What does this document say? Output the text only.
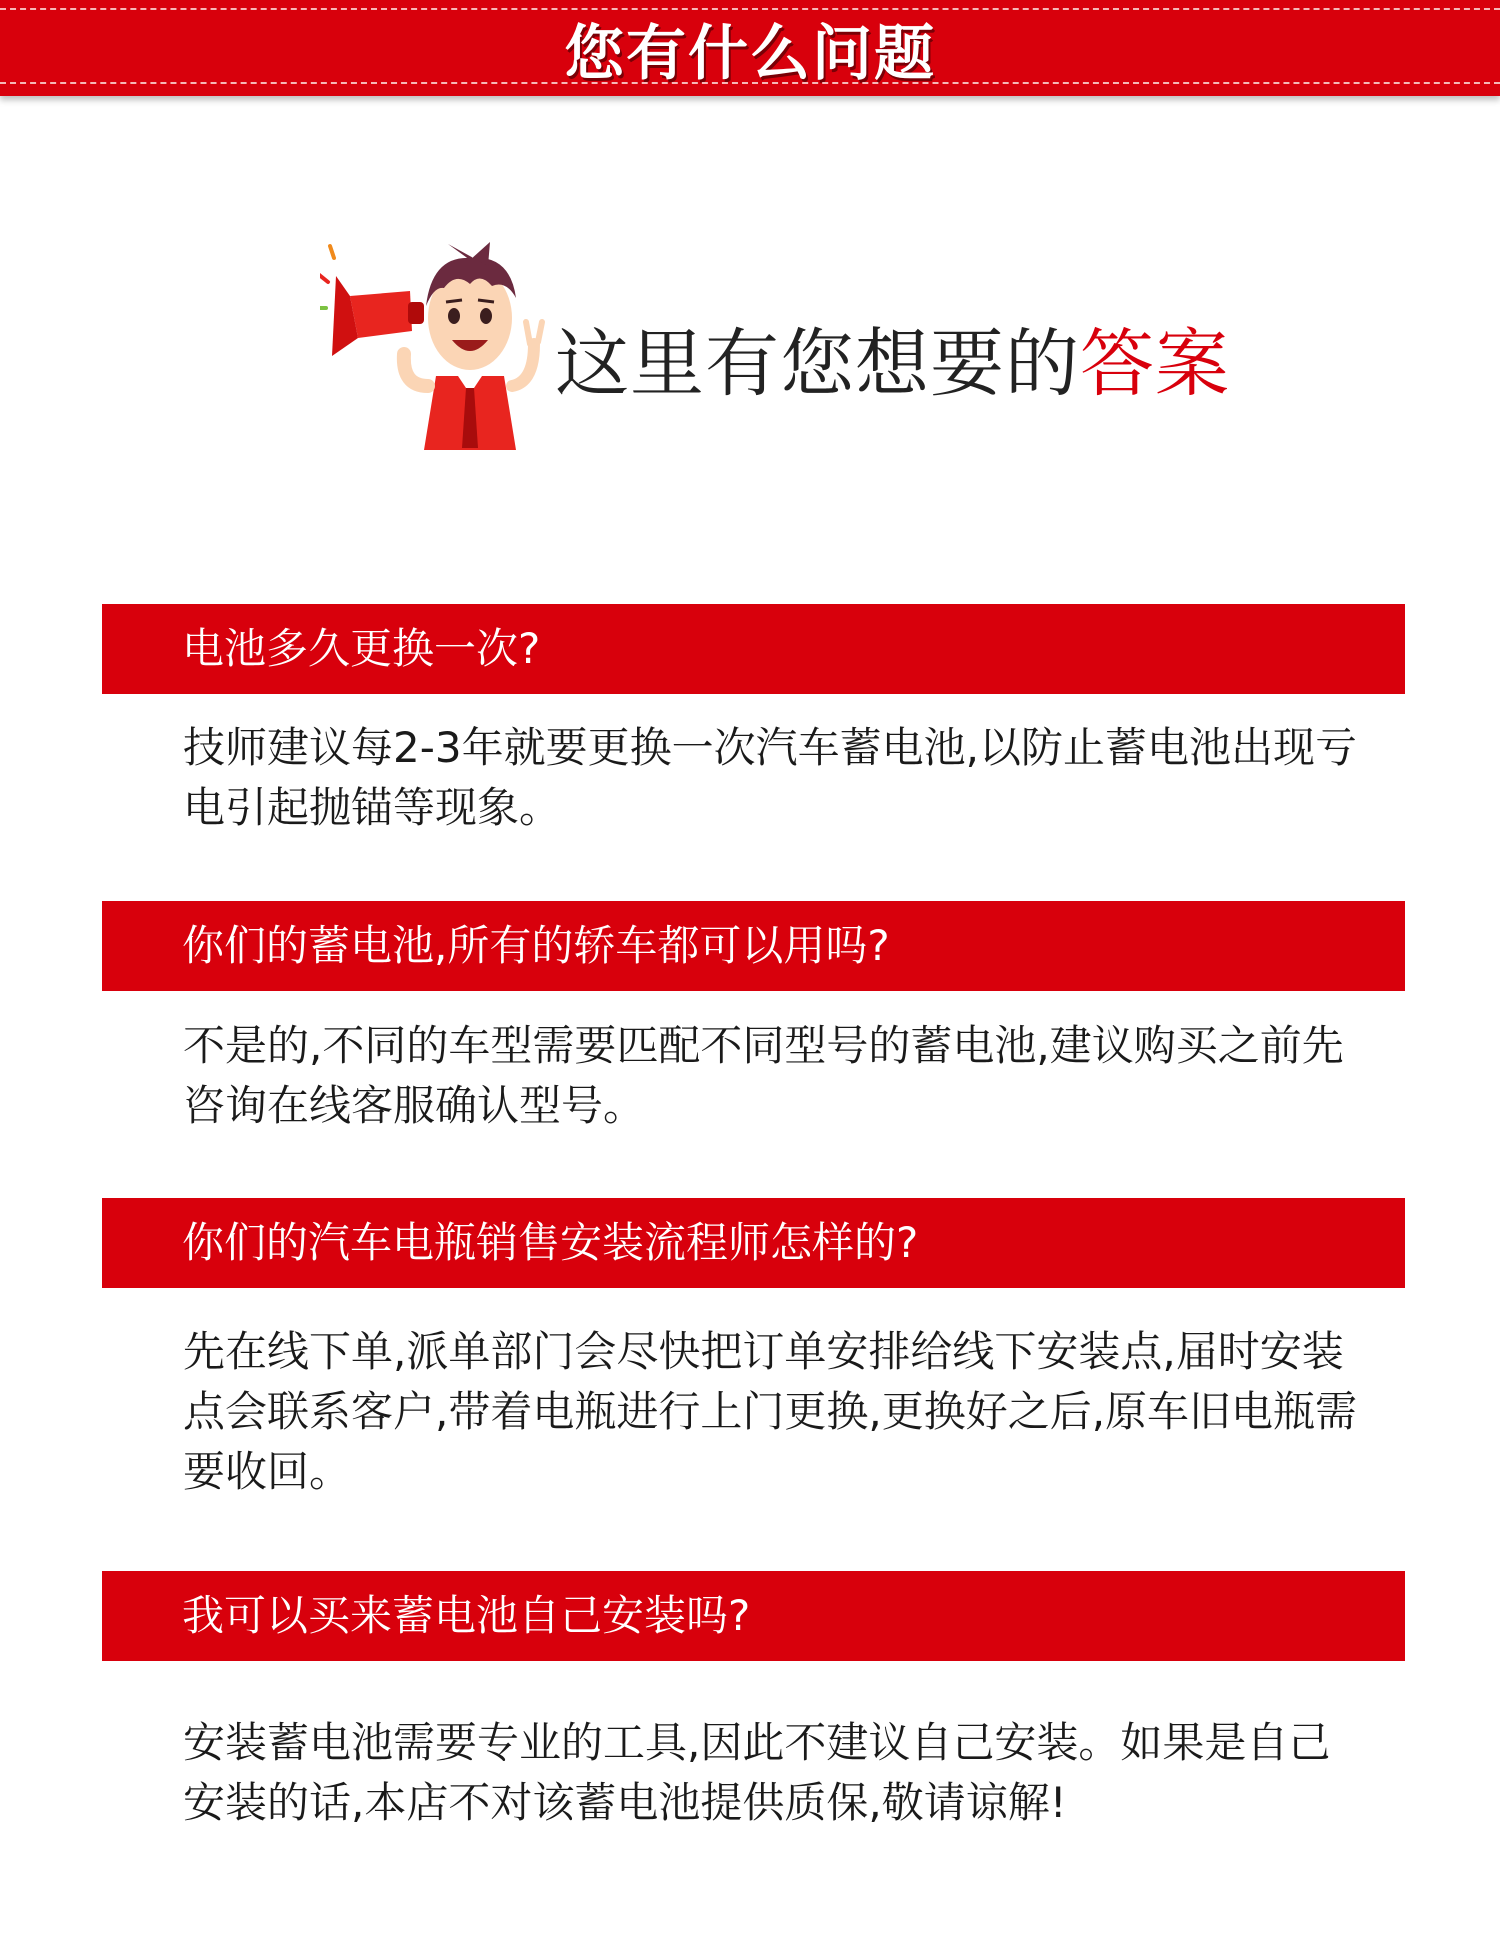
您有什么问题
这里有您想要的答案
电池多久更换一次?

技师建议每2-3年就要更换一次汽车蓄电池,以防止蓄电池出现亏电引起抛锚等现象。

你们的蓄电池,所有的轿车都可以用吗?

不是的,不同的车型需要匹配不同型号的蓄电池,建议购买之前先咨询在线客服确认型号。

你们的汽车电瓶销售安装流程师怎样的?

先在线下单,派单部门会尽快把订单安排给线下安装点,届时安装点会联系客户,带着电瓶进行上门更换,更换好之后,原车旧电瓶需要收回。

我可以买来蓄电池自己安装吗?

安装蓄电池需要专业的工具,因此不建议自己安装。如果是自己安装的话,本店不对该蓄电池提供质保,敬请谅解!
